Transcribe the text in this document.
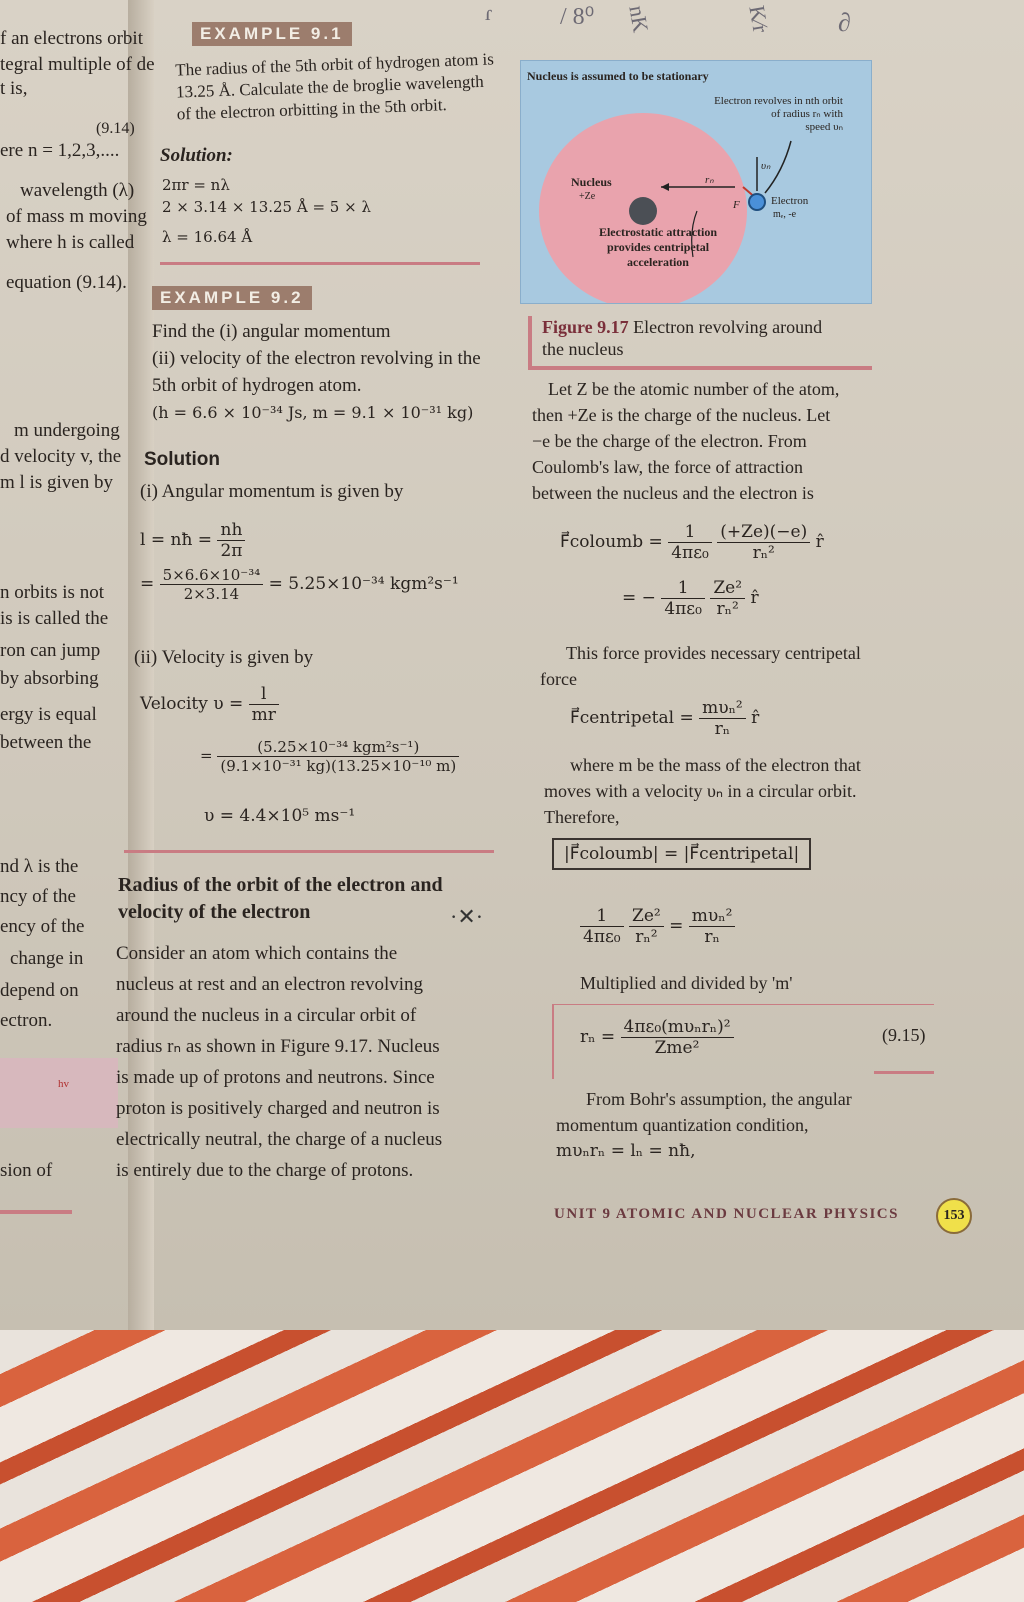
ɾ	/ 8⁰ nK	K⁄r ∂
f an electrons orbit
tegral multiple of de
t is,
(9.14)
ere n = 1,2,3,....
wavelength (λ)
of mass m moving
where h is called
equation (9.14).
m undergoing
d velocity v, the
m l is given by
n orbits is not
is is called the
ron can jump
by absorbing
ergy is equal
between the
nd λ is the
ncy of the
ency of the
change in
depend on
ectron.
hv
sion of
EXAMPLE 9.1
The radius of the 5th orbit of hydrogen atom is
13.25 Å. Calculate the de broglie wavelength
of the electron orbitting in the 5th orbit.
Solution:
2πr = nλ
2 × 3.14 × 13.25 Å = 5 × λ
λ = 16.64 Å
EXAMPLE 9.2
Find the (i) angular momentum
(ii) velocity of the electron revolving in the
5th orbit of hydrogen atom.
(h = 6.6 × 10⁻³⁴ Js, m = 9.1 × 10⁻³¹ kg)
Solution
(i) Angular momentum is given by
l = nħ = $\frac{nh}{2\pi}$
= $\frac{\text{5×6.6×10⁻³⁴}}{2\times 3.14} = 5.25\times 10^{-34}$ kgm²s⁻¹
(ii) Velocity is given by
Velocity $\upsilon = \frac{l}{mr}$
= $\frac{\text{(5.25×10⁻³⁴ kgm²s⁻¹)}}{\text{(9.1×10⁻³¹ kg)(13.25×10⁻¹⁰ m)}}$
υ = 4.4×10⁵ ms⁻¹
Radius of the orbit of the electron and
velocity of the electron	·✕·
Consider an atom which contains the
nucleus at rest and an electron revolving
around the nucleus in a circular orbit of
radius rₙ as shown in Figure 9.17. Nucleus
is made up of protons and neutrons. Since
proton is positively charged and neutron is
electrically neutral, the charge of a nucleus
is entirely due to the charge of protons.
Nucleus is assumed to be stationary
Electron revolves in nth orbit
of radius rₙ with
speed υₙ
Nucleus
+Ze
rₙ
F
υₙ
Electron
mₑ, -e
Electrostatic attraction
provides centripetal
acceleration
Figure 9.17 Electron revolving around
the nucleus
Let Z be the atomic number of the atom,
then +Ze is the charge of the nucleus. Let
−e be the charge of the electron. From
Coulomb's law, the force of attraction
between the nucleus and the electron is
F⃗coloumb = $\frac{1}{\text{4πε₀}}$
$\frac{(+Ze)(-e)}{\text{rₙ²}}$ r̂
= − $\frac{1}{\text{4πε₀}}$
$\frac{\text{Ze²}}{\text{rₙ²}}$ r̂
This force provides necessary centripetal
force
F⃗centripetal = $\frac{\text{mυₙ²}}{\text{rₙ}}$ r̂
where m be the mass of the electron that
moves with a velocity υₙ in a circular orbit.
Therefore,
|F⃗coloumb| = |F⃗centripetal|
$\frac{1}{\text{4πε₀}}$
$\frac{\text{Ze²}}{\text{rₙ²}} = \frac{\text{mυₙ²}}{\text{rₙ}}$
Multiplied and divided by 'm'
$r_n = \frac{\text{4πε₀(mυₙrₙ)²}}{\text{Zme²}}$	(9.15)
From Bohr's assumption, the angular
momentum quantization condition,
mυₙrₙ = lₙ = nħ,
UNIT 9 ATOMIC AND NUCLEAR PHYSICS	153
